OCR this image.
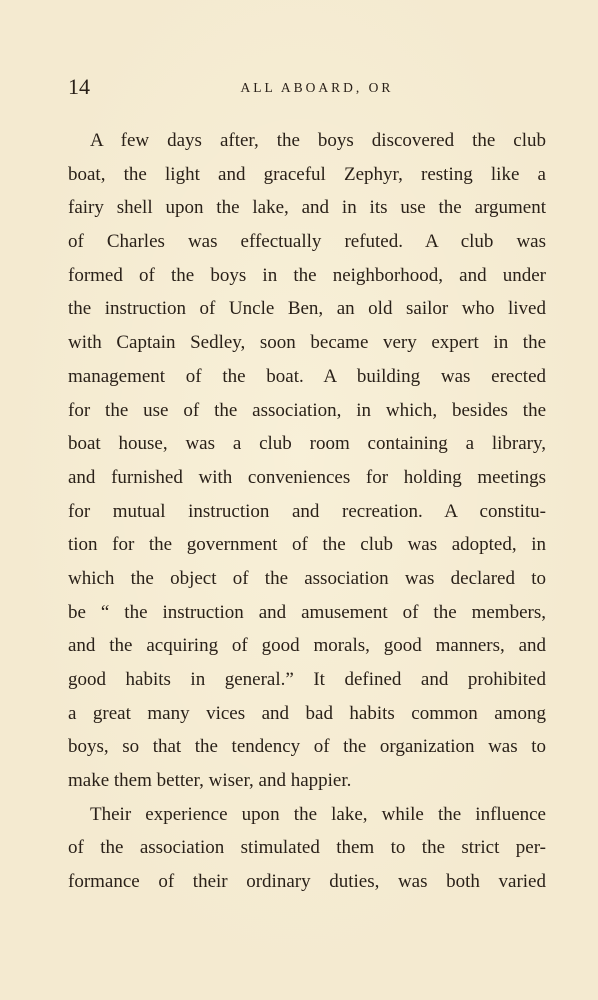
14	ALL ABOARD, OR
A few days after, the boys discovered the club
boat, the light and graceful Zephyr, resting like a
fairy shell upon the lake, and in its use the argument
of Charles was effectually refuted. A club was
formed of the boys in the neighborhood, and under
the instruction of Uncle Ben, an old sailor who lived
with Captain Sedley, soon became very expert in the
management of the boat. A building was erected
for the use of the association, in which, besides the
boat house, was a club room containing a library,
and furnished with conveniences for holding meetings
for mutual instruction and recreation. A constitu-
tion for the government of the club was adopted, in
which the object of the association was declared to
be “ the instruction and amusement of the members,
and the acquiring of good morals, good manners, and
good habits in general.” It defined and prohibited
a great many vices and bad habits common among
boys, so that the tendency of the organization was to
make them better, wiser, and happier.
Their experience upon the lake, while the influence
of the association stimulated them to the strict per-
formance of their ordinary duties, was both varied
